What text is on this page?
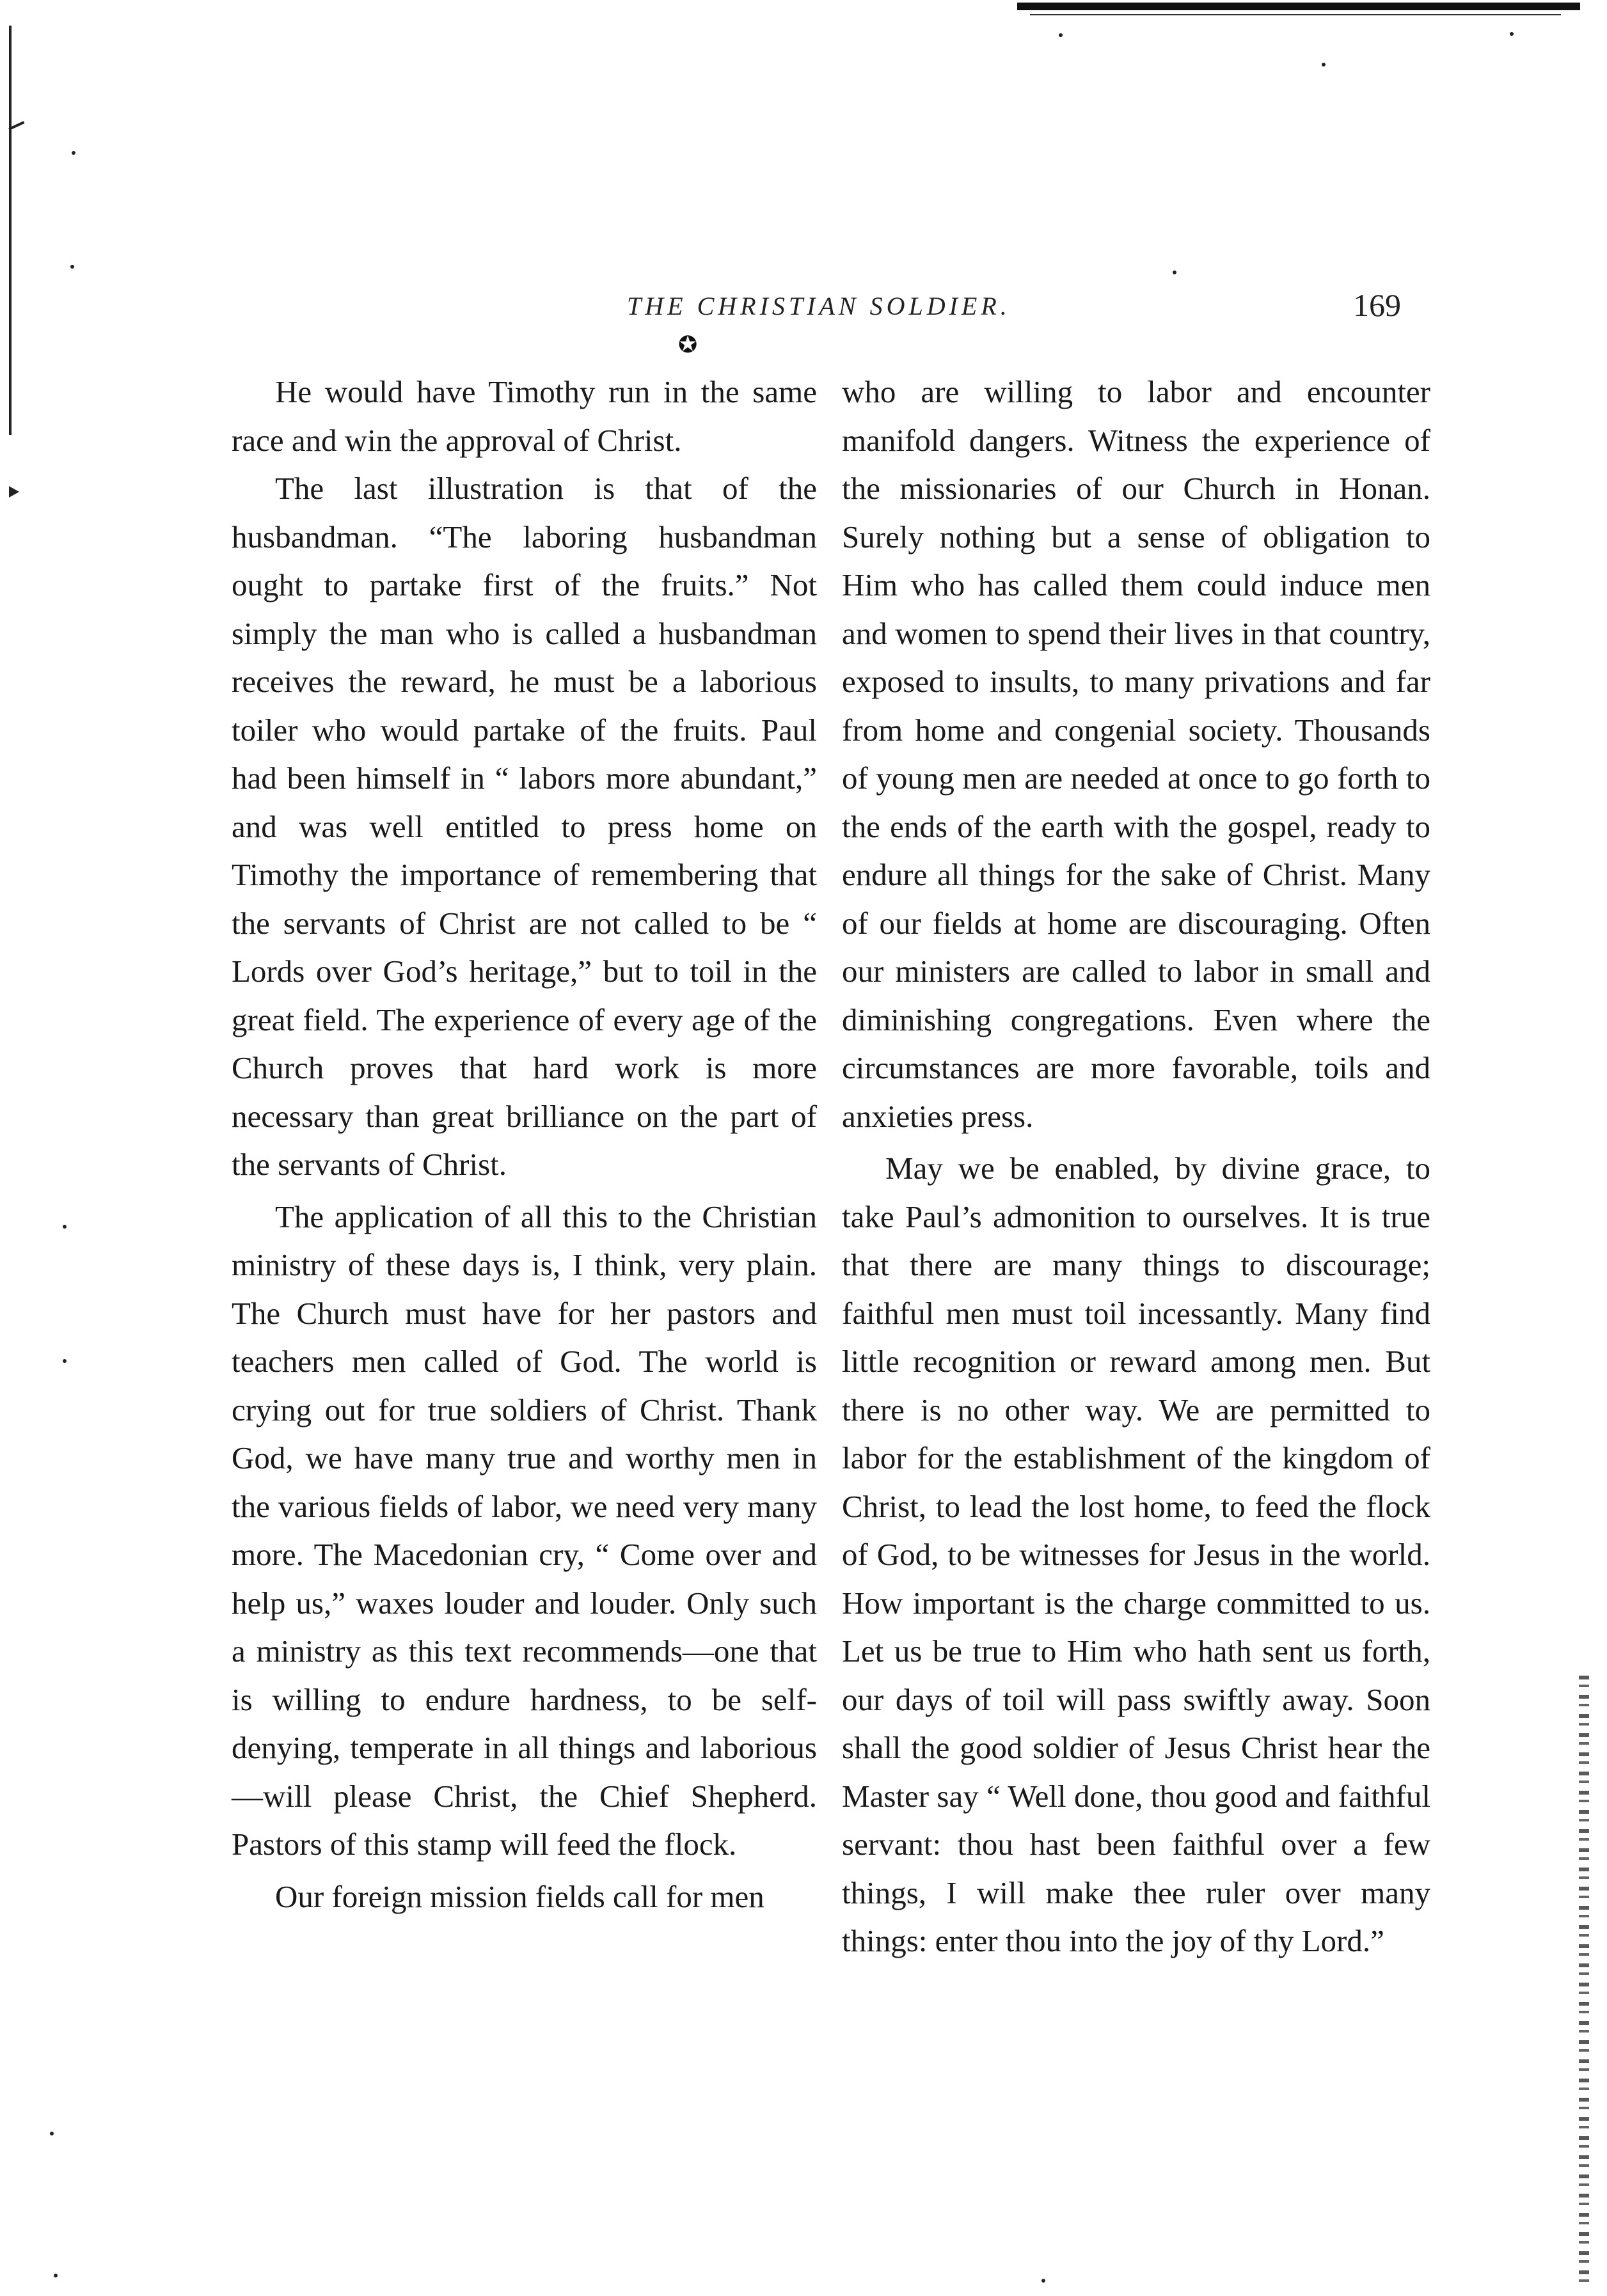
THE CHRISTIAN SOLDIER.	169
✪

He would have Timothy run in the same race and win the approval of Christ.

The last illustration is that of the husbandman. “The laboring husbandman ought to partake first of the fruits.” Not simply the man who is called a husbandman receives the reward, he must be a laborious toiler who would partake of the fruits. Paul had been himself in “ labors more abundant,” and was well entitled to press home on Timothy the importance of remembering that the servants of Christ are not called to be “ Lords over God’s heritage,” but to toil in the great field. The experience of every age of the Church proves that hard work is more necessary than great brilliance on the part of the servants of Christ.

The application of all this to the Christian ministry of these days is, I think, very plain. The Church must have for her pastors and teachers men called of God. The world is crying out for true soldiers of Christ. Thank God, we have many true and worthy men in the various fields of labor, we need very many more. The Macedonian cry, “ Come over and help us,” waxes louder and louder. Only such a ministry as this text recommends—one that is willing to endure hardness, to be self-denying, temperate in all things and laborious—will please Christ, the Chief Shepherd. Pastors of this stamp will feed the flock.

Our foreign mission fields call for men

who are willing to labor and encounter manifold dangers. Witness the experience of the missionaries of our Church in Honan. Surely nothing but a sense of obligation to Him who has called them could induce men and women to spend their lives in that country, exposed to insults, to many privations and far from home and congenial society. Thousands of young men are needed at once to go forth to the ends of the earth with the gospel, ready to endure all things for the sake of Christ. Many of our fields at home are discouraging. Often our ministers are called to labor in small and diminishing congregations. Even where the circumstances are more favorable, toils and anxieties press.

May we be enabled, by divine grace, to take Paul’s admonition to ourselves. It is true that there are many things to discourage; faithful men must toil incessantly. Many find little recognition or reward among men. But there is no other way. We are permitted to labor for the establishment of the kingdom of Christ, to lead the lost home, to feed the flock of God, to be witnesses for Jesus in the world. How important is the charge committed to us. Let us be true to Him who hath sent us forth, our days of toil will pass swiftly away. Soon shall the good soldier of Jesus Christ hear the Master say “ Well done, thou good and faithful servant: thou hast been faithful over a few things, I will make thee ruler over many things: enter thou into the joy of thy Lord.”
